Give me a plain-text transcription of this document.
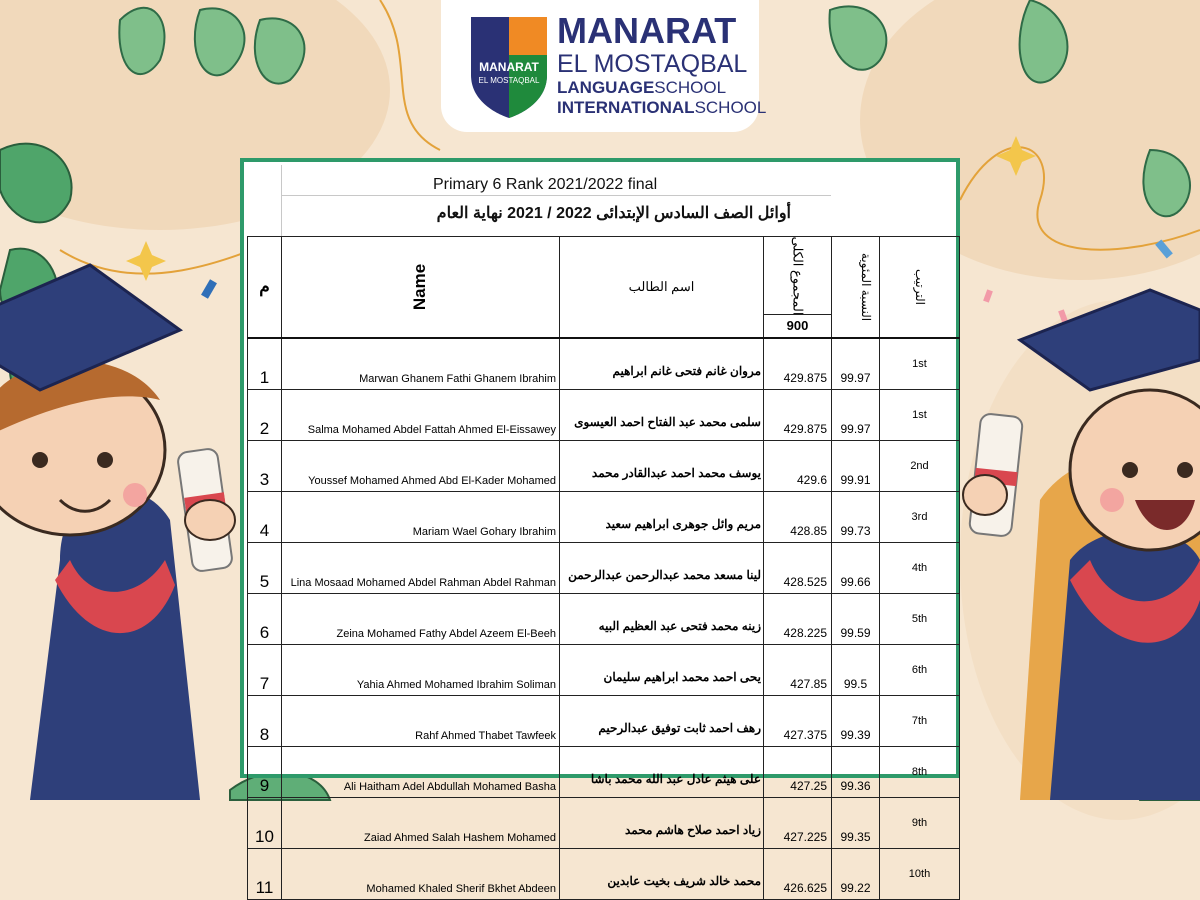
MANARAT
EL MOSTAQBAL
MANARAT
EL MOSTAQBAL
LANGUAGESCHOOL
INTERNATIONALSCHOOL
Primary 6 Rank 2021/2022 final
أوائل الصف السادس الإبتدائى 2022 / 2021 نهاية العام
م	Name	اسم الطالب	المجموع الكلى
900	النسبة المئوية	الترتيب
1	Marwan Ghanem Fathi Ghanem Ibrahim	مروان غانم فتحى غانم ابراهيم	429.875	99.97	1st
2	Salma Mohamed Abdel Fattah Ahmed El-Eissawey	سلمى محمد عبد الفتاح احمد العيسوى	429.875	99.97	1st
3	Youssef Mohamed Ahmed Abd El-Kader Mohamed	يوسف محمد احمد عبدالقادر محمد	429.6	99.91	2nd
4	Mariam Wael Gohary Ibrahim	مريم وائل جوهرى ابراهيم سعيد	428.85	99.73	3rd
5	Lina Mosaad Mohamed Abdel Rahman Abdel Rahman	لينا مسعد محمد عبدالرحمن عبدالرحمن	428.525	99.66	4th
6	Zeina Mohamed Fathy Abdel Azeem El-Beeh	زينه محمد فتحى عبد العظيم البيه	428.225	99.59	5th
7	Yahia Ahmed Mohamed Ibrahim Soliman	يحى احمد محمد ابراهيم سليمان	427.85	99.5	6th
8	Rahf Ahmed Thabet Tawfeek	رهف احمد ثابت توفيق عبدالرحيم	427.375	99.39	7th
9	Ali Haitham Adel Abdullah Mohamed Basha	على هيثم عادل عبد الله محمد باشا	427.25	99.36	8th
10	Zaiad Ahmed Salah Hashem Mohamed	زياد احمد صلاح هاشم محمد	427.225	99.35	9th
11	Mohamed Khaled Sherif Bkhet Abdeen	محمد خالد شريف بخيت عابدين	426.625	99.22	10th
